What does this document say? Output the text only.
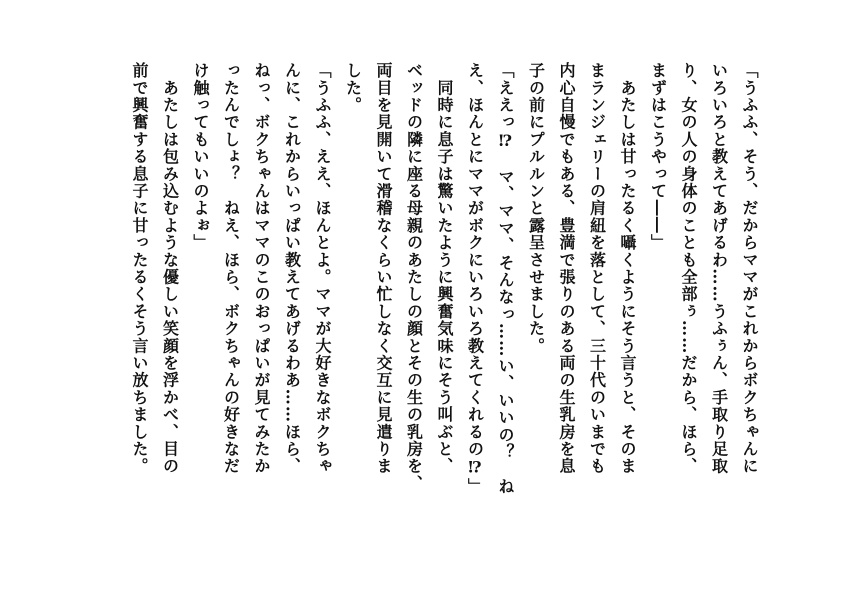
「うふふ、そう、だからママがこれからボクちゃんに
いろいろと教えてあげるわ……うふぅん、手取り足取
り、女の人の身体のことも全部ぅ……だから、ほら、
まずはこうやって――」
　あたしは甘ったるく囁くようにそう言うと、そのま
まランジェリーの肩紐を落として、三十代のいまでも
内心自慢でもある、豊満で張りのある両の生乳房を息
子の前にプルルンと露呈させました。
「ええっ⁉　マ、ママ、そんなっ……い、いいの？　ね
え、ほんとにママがボクにいろいろ教えてくれるの⁉」
　同時に息子は驚いたように興奮気味にそう叫ぶと、
ベッドの隣に座る母親のあたしの顔とその生の乳房を、
両目を見開いて滑稽なくらい忙しなく交互に見遣りま
した。
「うふふ、ええ、ほんとよ。ママが大好きなボクちゃ
んに、これからいっぱい教えてあげるわあ……ほら、
ねっ、ボクちゃんはママのこのおっぱいが見てみたか
ったんでしょ？　ねえ、ほら、ボクちゃんの好きなだ
け触ってもいいのよぉ」
　あたしは包み込むような優しい笑顔を浮かべ、目の
前で興奮する息子に甘ったるくそう言い放ちました。
